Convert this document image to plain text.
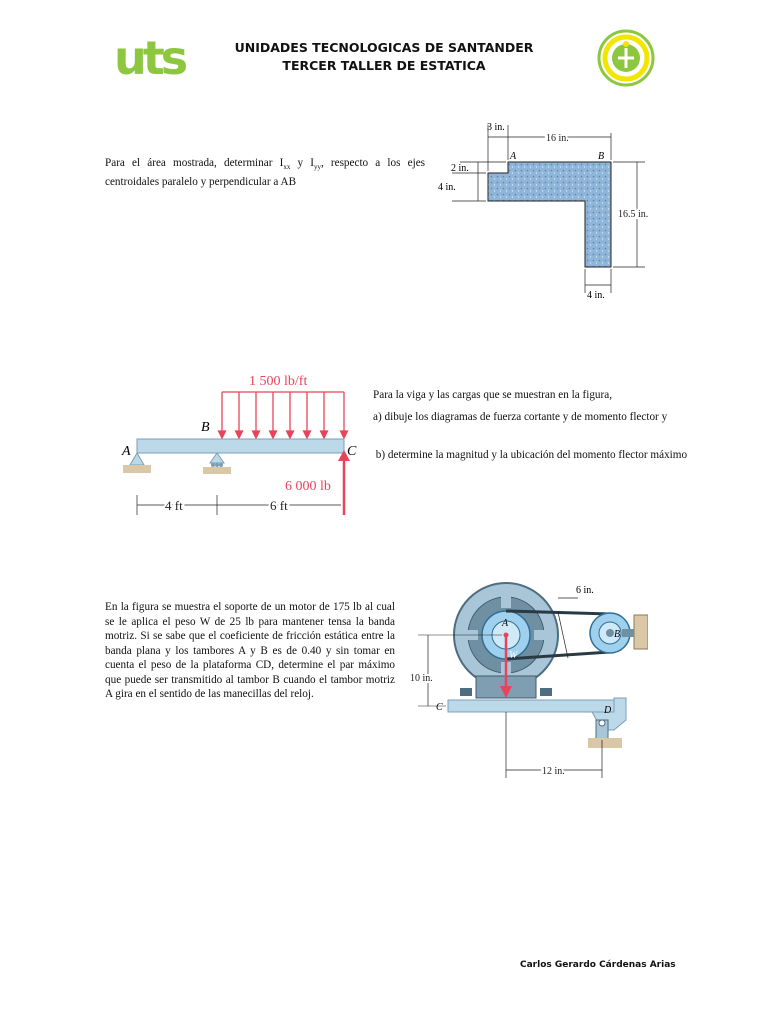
uts	UNIDADES TECNOLOGICAS DE SANTANDER
TERCER TALLER DE ESTATICA
Para el área mostrada, determinar $I_{xx}$ y $I_{yy}$, respecto a los ejes centroidales paralelo y perpendicular a AB
3 in.
16 in.
2 in.
4 in.
16.5 in.
4 in.
A	B
1 500 lb/ft
A
B
C
6 000 lb
4 ft	6 ft
Para la viga y las cargas que se muestran en la figura,
a) dibuje los diagramas de fuerza cortante y de momento flector y
b) determine la magnitud y la ubicación del momento flector máximo
En la figura se muestra el soporte de un motor de 175 lb al cual se le aplica el peso W de 25 lb para mantener tensa la banda motriz. Si se sabe que el coeficiente de fricción estática entre la banda plana y los tambores A y B es de 0.40 y sin tomar en cuenta el peso de la plataforma CD, determine el par máximo que puede ser transmitido al tambor B cuando el tambor motriz A gira en el sentido de las manecillas del reloj.
W
A
B
C	D
6 in.
10 in.
12 in.
Carlos Gerardo Cárdenas Arias
